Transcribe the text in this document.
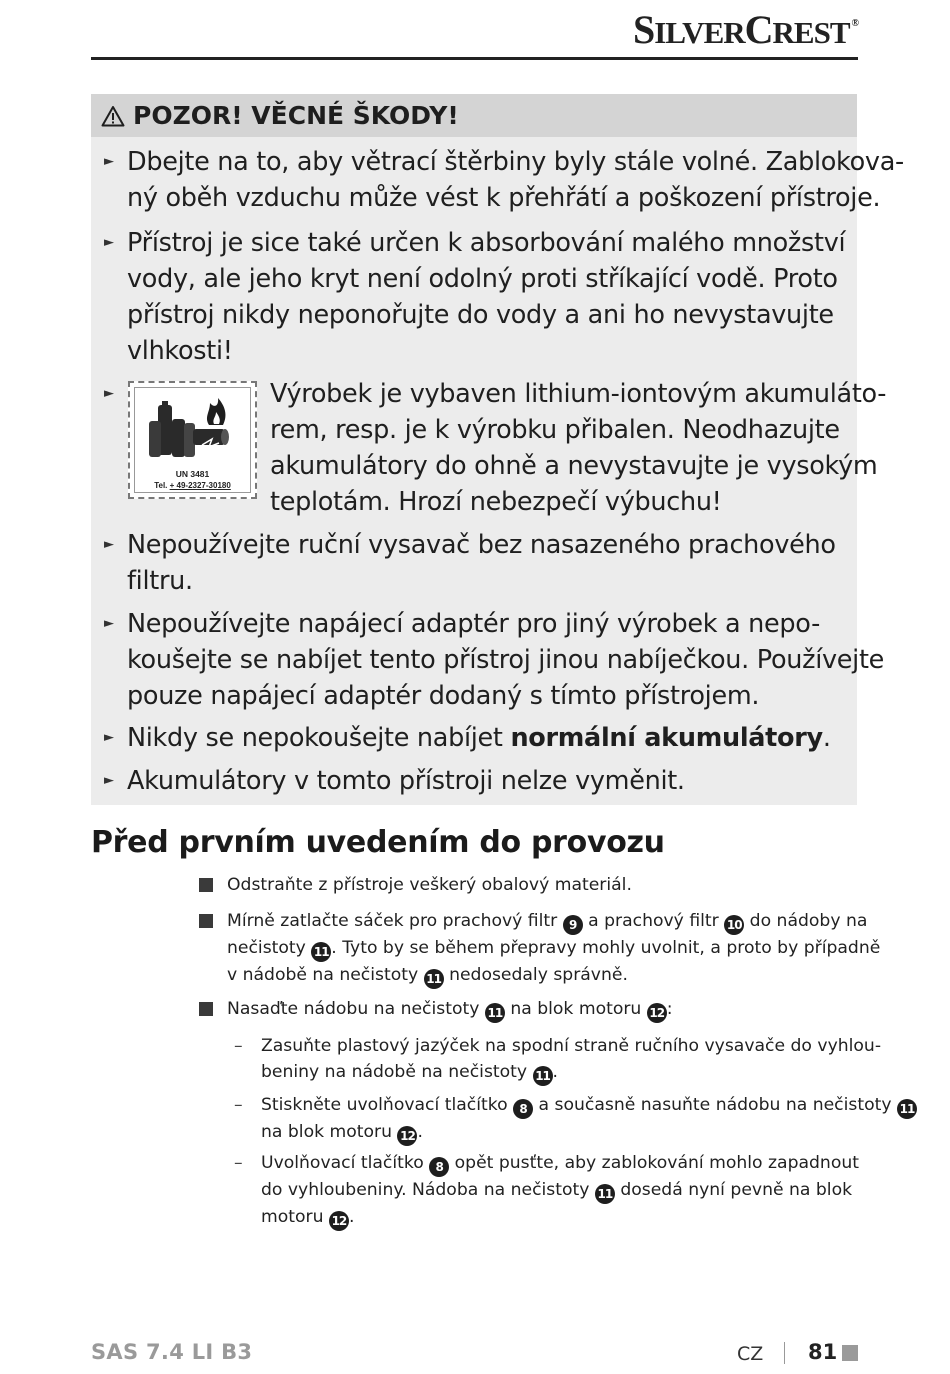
SILVERCREST ®
POZOR! VĚCNÉ ŠKODY!
► Dbejte na to, aby větrací štěrbiny byly stále volné. Zablokova-
ný oběh vzduchu může vést k přehřátí a poškození přístroje.
► Přístroj je sice také určen k absorbování malého množství
vody, ale jeho kryt není odolný proti stříkající vodě. Proto
přístroj nikdy neponořujte do vody a ani ho nevystavujte
vlhkosti!
►	Výrobek je vybaven lithium-iontovým akumuláto-
rem, resp. je k výrobku přibalen. Neodhazujte
akumulátory do ohně a nevystavujte je vysokým
teplotám. Hrozí nebezpečí výbuchu!
► Nepoužívejte ruční vysavač bez nasazeného prachového
filtru.
► Nepoužívejte napájecí adaptér pro jiný výrobek a nepo-
koušejte se nabíjet tento přístroj jinou nabíječkou. Používejte
pouze napájecí adaptér dodaný s tímto přístrojem.
► Nikdy se nepokoušejte nabíjet normální akumulátory.
► Akumulátory v tomto přístroji nelze vyměnit.
UN 3481
Tel. + 49-2327-30180
Před prvním uvedením do provozu
Odstraňte z přístroje veškerý obalový materiál.
Mírně zatlačte sáček pro prachový filtr 9 a prachový filtr 10 do nádoby na
nečistoty 11 . Tyto by se během přepravy mohly uvolnit, a proto by případně
v nádobě na nečistoty 11 nedosedaly správně.
Nasaďte nádobu na nečistoty 11 na blok motoru 12 :
– Zasuňte plastový jazýček na spodní straně ručního vysavače do vyhlou-
beniny na nádobě na nečistoty 11 .
– Stiskněte uvolňovací tlačítko 8 a současně nasuňte nádobu na nečistoty 11
na blok motoru 12 .
– Uvolňovací tlačítko 8 opět pusťte, aby zablokování mohlo zapadnout
do vyhloubeniny. Nádoba na nečistoty 11 dosedá nyní pevně na blok
motoru 12 .
SAS 7.4 LI B3	CZ 81
